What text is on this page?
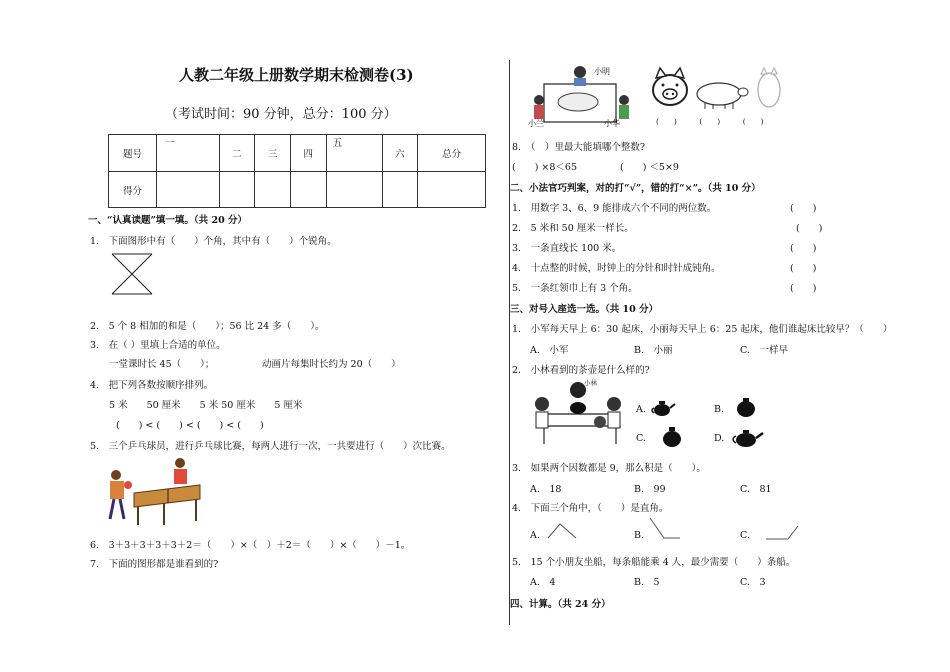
人教二年级上册数学期末检测卷(3)
（考试时间：90 分钟，总分：100 分）
题号	一	二	三	四	五	六	总分
得分							
一、“认真读题”填一填。（共 20 分）
1.　下面图形中有（　　）个角，其中有（　　）个锐角。
2.　5 个 8 相加的和是（　　）；56 比 24 多（　　）。
3.　在（ ）里填上合适的单位。
一堂课时长 45（　　）；	动画片每集时长约为 20（　　）
4.　把下列各数按顺序排列。
5 米　　50 厘米　　5 米 50 厘米　　5 厘米
(　　) < (　　) < (　　) < (　　)
5.　三个乒乓球员，进行乒乓球比赛，每两人进行一次，一共要进行（　　）次比赛。
6.　3＋3＋3＋3＋3＋2＝（　　）×（　）＋2＝（　　）×（　　）－1。
7.　下面的图形都是谁看到的?
小明
小兰	小华	(　　)　　　(　　)　　　(　　)
8.　（　）里最大能填哪个整数?
(　　) ×8＜65	(　　) ＜5×9
二、小法官巧判案，对的打“√”，错的打“×”。（共 10 分）
1.　用数字 3、6、9 能排成六个不同的两位数。	(　　)
2.　5 米和 50 厘米一样长。	(　　)
3.　一条直线长 100 米。	(　　)
4.　十点整的时候，时钟上的分针和时针成钝角。	(　　)
5.　一条红领巾上有 3 个角。	(　　)
三、对号入座选一选。（共 10 分）
1.　小军每天早上 6：30 起床，小丽每天早上 6：25 起床，他们谁起床比较早？（　　）
A.　小军	B.　小丽	C.　一样早
2.　小林看到的茶壶是什么样的?
小林
A.	B.
C.	D.
3.　如果两个因数都是 9，那么积是（　　）。
A.　18	B.　99	C.　81
4.　下面三个角中，（　　）是直角。
A.	B.	C.
5.　15 个小朋友坐船，每条船能乘 4 人，最少需要（　　）条船。
A.　4	B.　5	C.　3
四、计算。（共 24 分）
